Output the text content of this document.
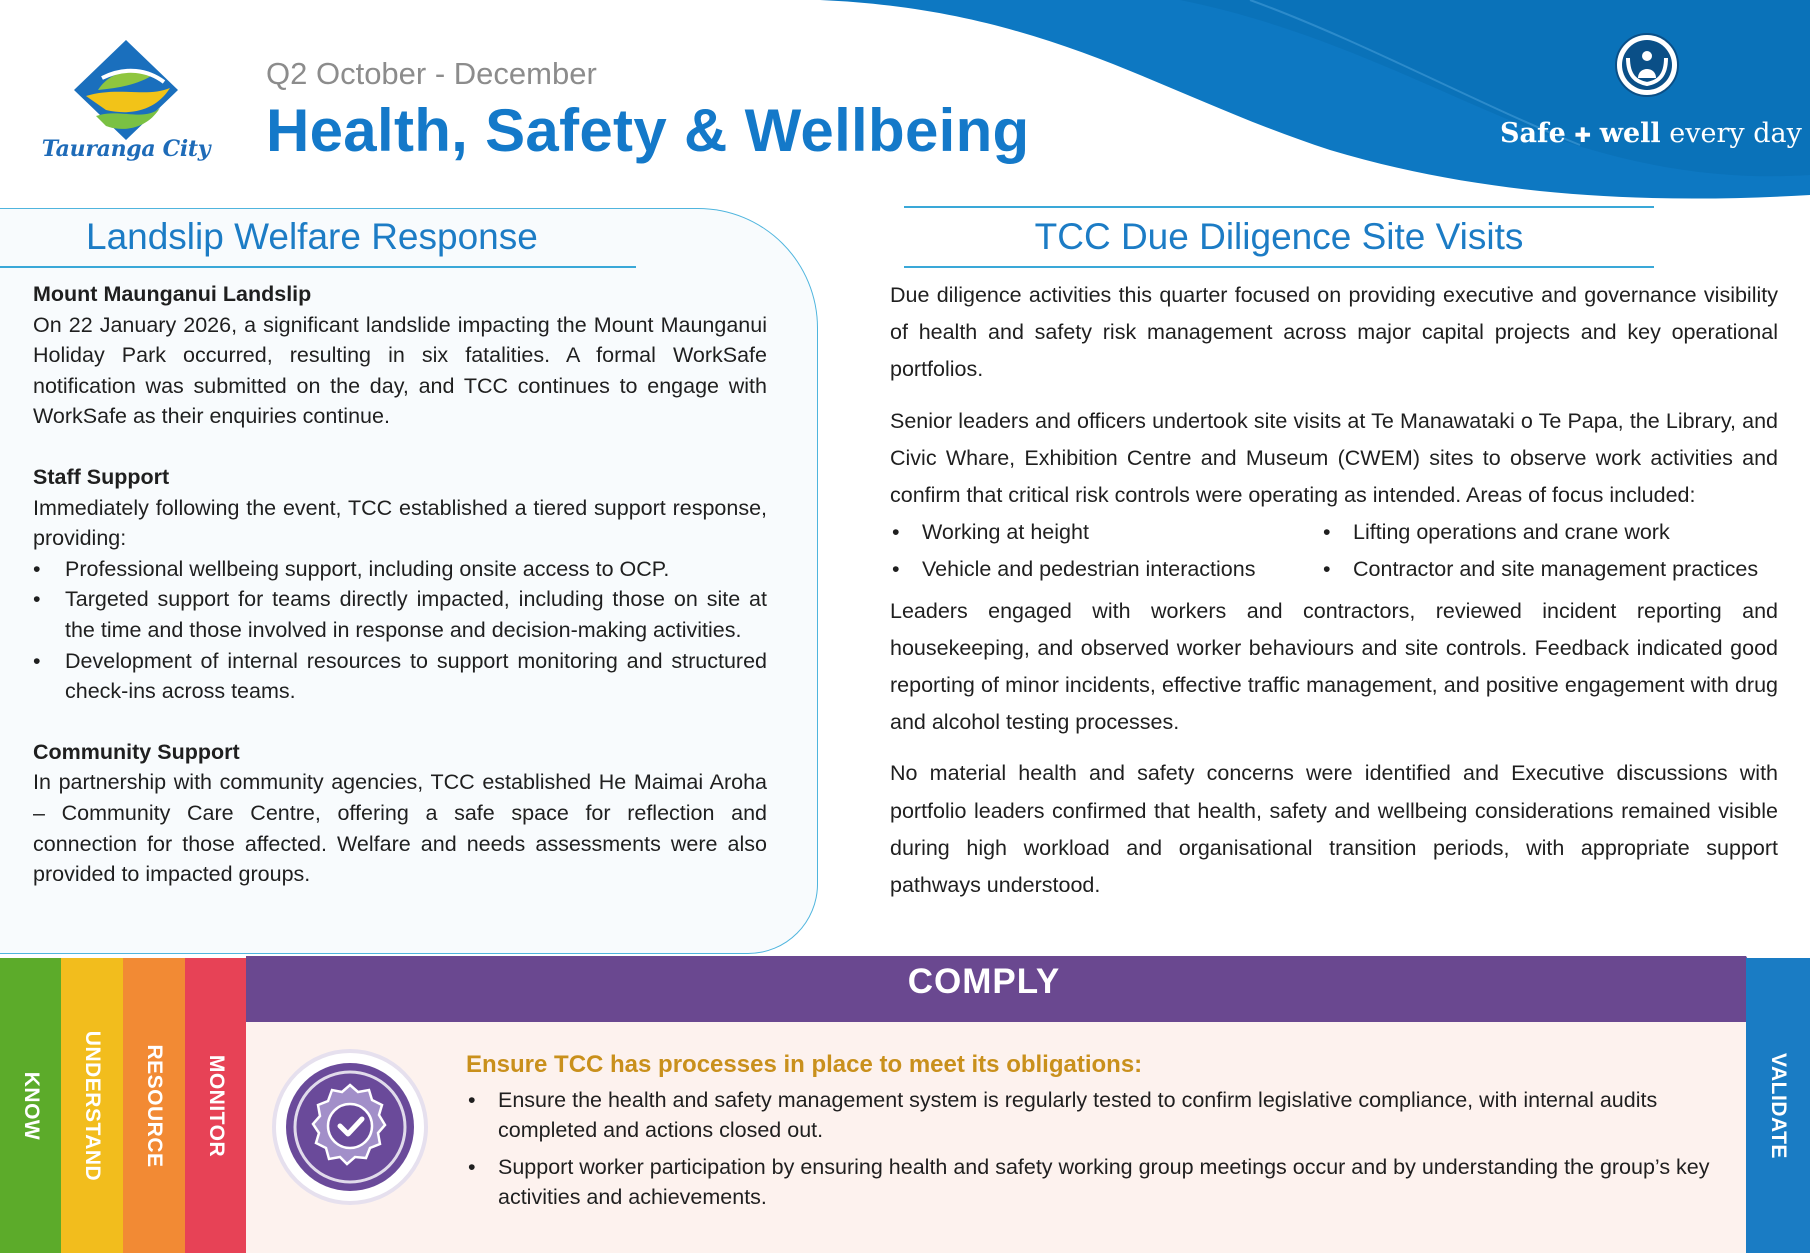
Tauranga City
Q2 October - December
Health, Safety & Wellbeing	Safe ✚ well every day
Landslip Welfare Response
Mount Maunganui Landslip

On 22 January 2026, a significant landslide impacting the Mount Maunganui Holiday Park occurred, resulting in six fatalities. A formal WorkSafe notification was submitted on the day, and TCC continues to engage with WorkSafe as their enquiries continue.

Staff Support

Immediately following the event, TCC established a tiered support response, providing:

• Professional wellbeing support, including onsite access to OCP.
• Targeted support for teams directly impacted, including those on site at the time and those involved in response and decision-making activities.
• Development of internal resources to support monitoring and structured check-ins across teams.
Community Support

In partnership with community agencies, TCC established He Maimai Aroha – Community Care Centre, offering a safe space for reflection and connection for those affected. Welfare and needs assessments were also provided to impacted groups.

TCC Due Diligence Site Visits

Due diligence activities this quarter focused on providing executive and governance visibility of health and safety risk management across major capital projects and key operational portfolios.

Senior leaders and officers undertook site visits at Te Manawataki o Te Papa, the Library, and Civic Whare, Exhibition Centre and Museum (CWEM) sites to observe work activities and confirm that critical risk controls were operating as intended. Areas of focus included:

• Working at height	• Lifting operations and crane work
• Vehicle and pedestrian interactions	• Contractor and site management practices

Leaders engaged with workers and contractors, reviewed incident reporting and housekeeping, and observed worker behaviours and site controls. Feedback indicated good reporting of minor incidents, effective traffic management, and positive engagement with drug and alcohol testing processes.

No material health and safety concerns were identified and Executive discussions with portfolio leaders confirmed that health, safety and wellbeing considerations remained visible during high workload and organisational transition periods, with appropriate support pathways understood.

KNOW UNDERSTAND RESOURCE MONITOR
COMPLY
VALIDATE
Ensure TCC has processes in place to meet its obligations:
• Ensure the health and safety management system is regularly tested to confirm legislative compliance, with internal audits completed and actions closed out.
• Support worker participation by ensuring health and safety working group meetings occur and by understanding the group’s key activities and achievements.
